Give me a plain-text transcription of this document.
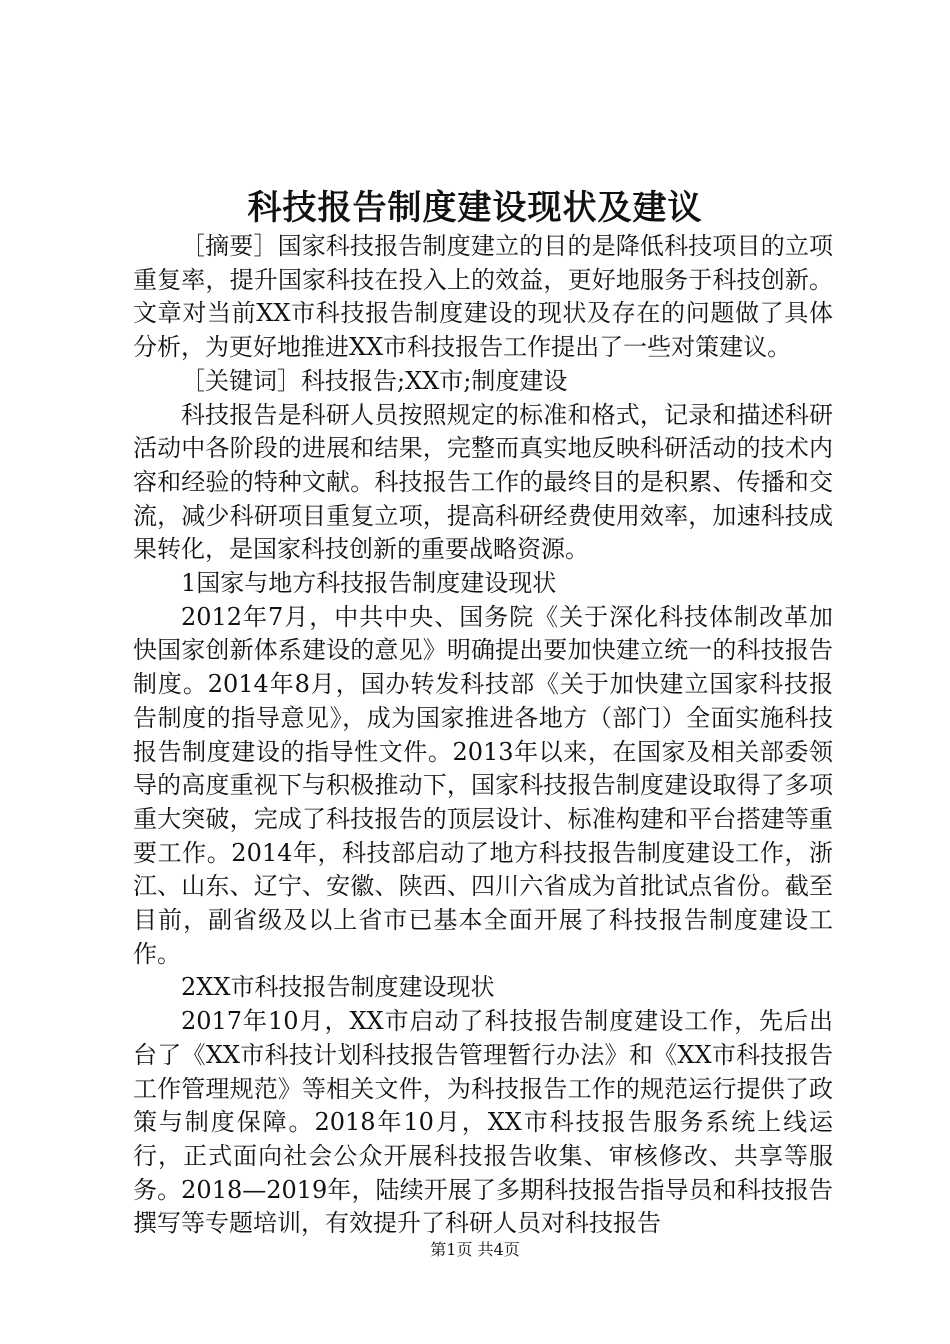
科技报告制度建设现状及建议

［摘要］国家科技报告制度建立的目的是降低科技项目的立项重复率，提升国家科技在投入上的效益，更好地服务于科技创新。文章对当前XX市科技报告制度建设的现状及存在的问题做了具体分析，为更好地推进XX市科技报告工作提出了一些对策建议。

［关键词］科技报告;XX市;制度建设

科技报告是科研人员按照规定的标准和格式，记录和描述科研活动中各阶段的进展和结果，完整而真实地反映科研活动的技术内容和经验的特种文献。科技报告工作的最终目的是积累、传播和交流，减少科研项目重复立项，提高科研经费使用效率，加速科技成果转化，是国家科技创新的重要战略资源。

1国家与地方科技报告制度建设现状

2012年7月，中共中央、国务院《关于深化科技体制改革加快国家创新体系建设的意见》明确提出要加快建立统一的科技报告制度。2014年8月，国办转发科技部《关于加快建立国家科技报告制度的指导意见》，成为国家推进各地方（部门）全面实施科技报告制度建设的指导性文件。2013年以来，在国家及相关部委领导的高度重视下与积极推动下，国家科技报告制度建设取得了多项重大突破，完成了科技报告的顶层设计、标准构建和平台搭建等重要工作。2014年，科技部启动了地方科技报告制度建设工作，浙江、山东、辽宁、安徽、陕西、四川六省成为首批试点省份。截至目前，副省级及以上省市已基本全面开展了科技报告制度建设工作。

2XX市科技报告制度建设现状

2017年10月，XX市启动了科技报告制度建设工作，先后出台了《XX市科技计划科技报告管理暂行办法》和《XX市科技报告工作管理规范》等相关文件，为科技报告工作的规范运行提供了政策与制度保障。2018年10月，XX市科技报告服务系统上线运行，正式面向社会公众开展科技报告收集、审核修改、共享等服务。2018—2019年，陆续开展了多期科技报告指导员和科技报告撰写等专题培训，有效提升了科研人员对科技报告

第1页 共4页
